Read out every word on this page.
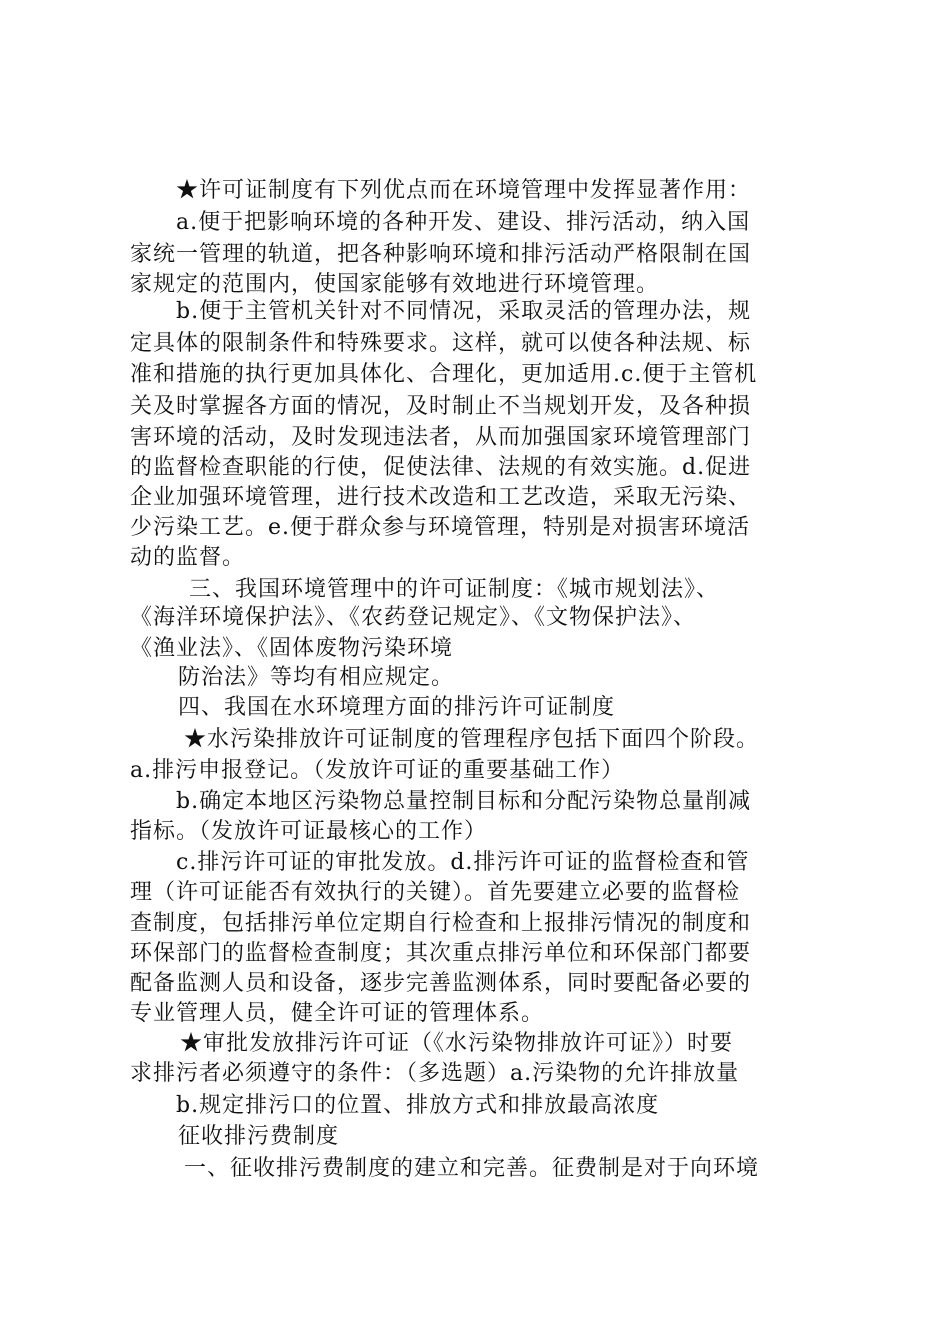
★许可证制度有下列优点而在环境管理中发挥显著作用：
a.便于把影响环境的各种开发、建设、排污活动，纳入国
家统一管理的轨道，把各种影响环境和排污活动严格限制在国
家规定的范围内，使国家能够有效地进行环境管理。
b.便于主管机关针对不同情况，采取灵活的管理办法，规
定具体的限制条件和特殊要求。这样，就可以使各种法规、标
准和措施的执行更加具体化、合理化，更加适用.c.便于主管机
关及时掌握各方面的情况，及时制止不当规划开发，及各种损
害环境的活动，及时发现违法者，从而加强国家环境管理部门
的监督检查职能的行使，促使法律、法规的有效实施。d.促进
企业加强环境管理，进行技术改造和工艺改造，采取无污染、
少污染工艺。e.便于群众参与环境管理，特别是对损害环境活
动的监督。
三、我国环境管理中的许可证制度：《城市规划法》、
《海洋环境保护法》、《农药登记规定》、《文物保护法》、
《渔业法》、《固体废物污染环境
防治法》等均有相应规定。
四、我国在水环境理方面的排污许可证制度
★水污染排放许可证制度的管理程序包括下面四个阶段。
a.排污申报登记。（发放许可证的重要基础工作）
b.确定本地区污染物总量控制目标和分配污染物总量削减
指标。（发放许可证最核心的工作）
c.排污许可证的审批发放。d.排污许可证的监督检查和管
理（许可证能否有效执行的关键）。首先要建立必要的监督检
查制度，包括排污单位定期自行检查和上报排污情况的制度和
环保部门的监督检查制度；其次重点排污单位和环保部门都要
配备监测人员和设备，逐步完善监测体系，同时要配备必要的
专业管理人员，健全许可证的管理体系。
★审批发放排污许可证（《水污染物排放许可证》）时要
求排污者必须遵守的条件：（多选题）a.污染物的允许排放量
b.规定排污口的位置、排放方式和排放最高浓度
征收排污费制度
一、征收排污费制度的建立和完善。征费制是对于向环境
